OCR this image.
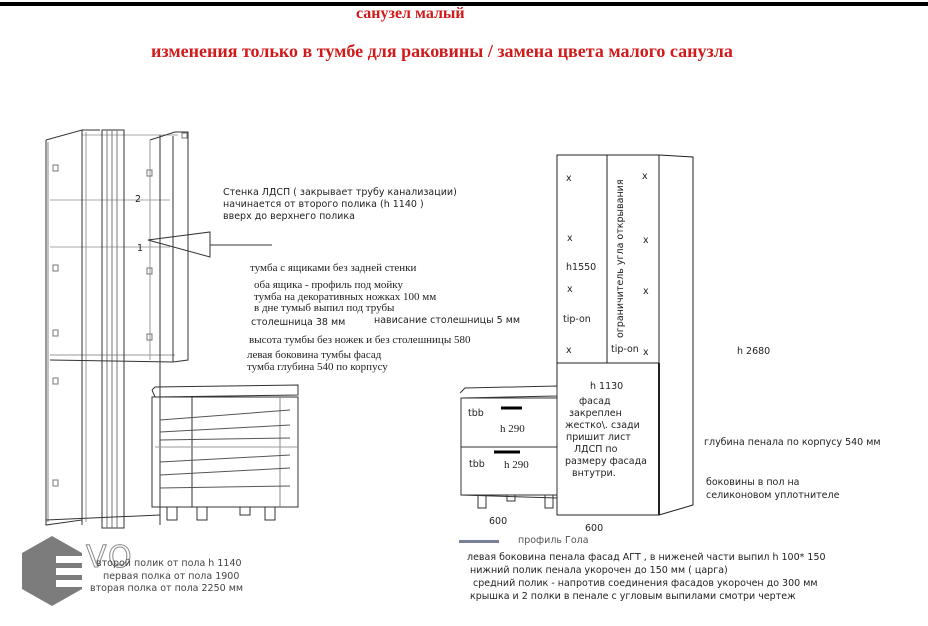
санузел малый
изменения только в тумбе для раковины / замена цвета малого санузла
2
1
Стенка ЛДСП ( закрывает трубу канализации)
начинается от второго полика (h 1140 )
вверх до верхнего полика
тумба с ящиками без задней стенки
оба ящика - профиль под мойку
тумба на декоративных ножках 100 мм
в дне тумыб выпил под трубы
столешница 38 мм	нависание столешницы 5 мм
высота тумбы без ножек и без столешницы 580
левая боковина тумбы фасад
тумба глубина 540 по корпусу
VO
второй полик от пола h 1140
первая полка от пола 1900
вторая полка от пола 2250 мм
x	x
x	x
x	x
x	x
h1550
tip-on
tip-on
ограничитель угла открывания
h 2680
h 1130
фасад
закреплен
жестко\. сзади
пришит лист
ЛДСП по
размеру фасада
внтутри.
tbb
h 290
tbb h 290
600
600
глубина пенала по корпусу 540 мм
боковины в пол на
селиконовом уплотнителе
профиль Гола
левая боковина пенала фасад АГТ , в ниженей части выпил h 100* 150
нижний полик пенала укорочен до 150 мм ( царга)
средний полик - напротив соединения фасадов укорочен до 300 мм
крышка и 2 полки в пенале с угловым выпилами смотри чертеж
